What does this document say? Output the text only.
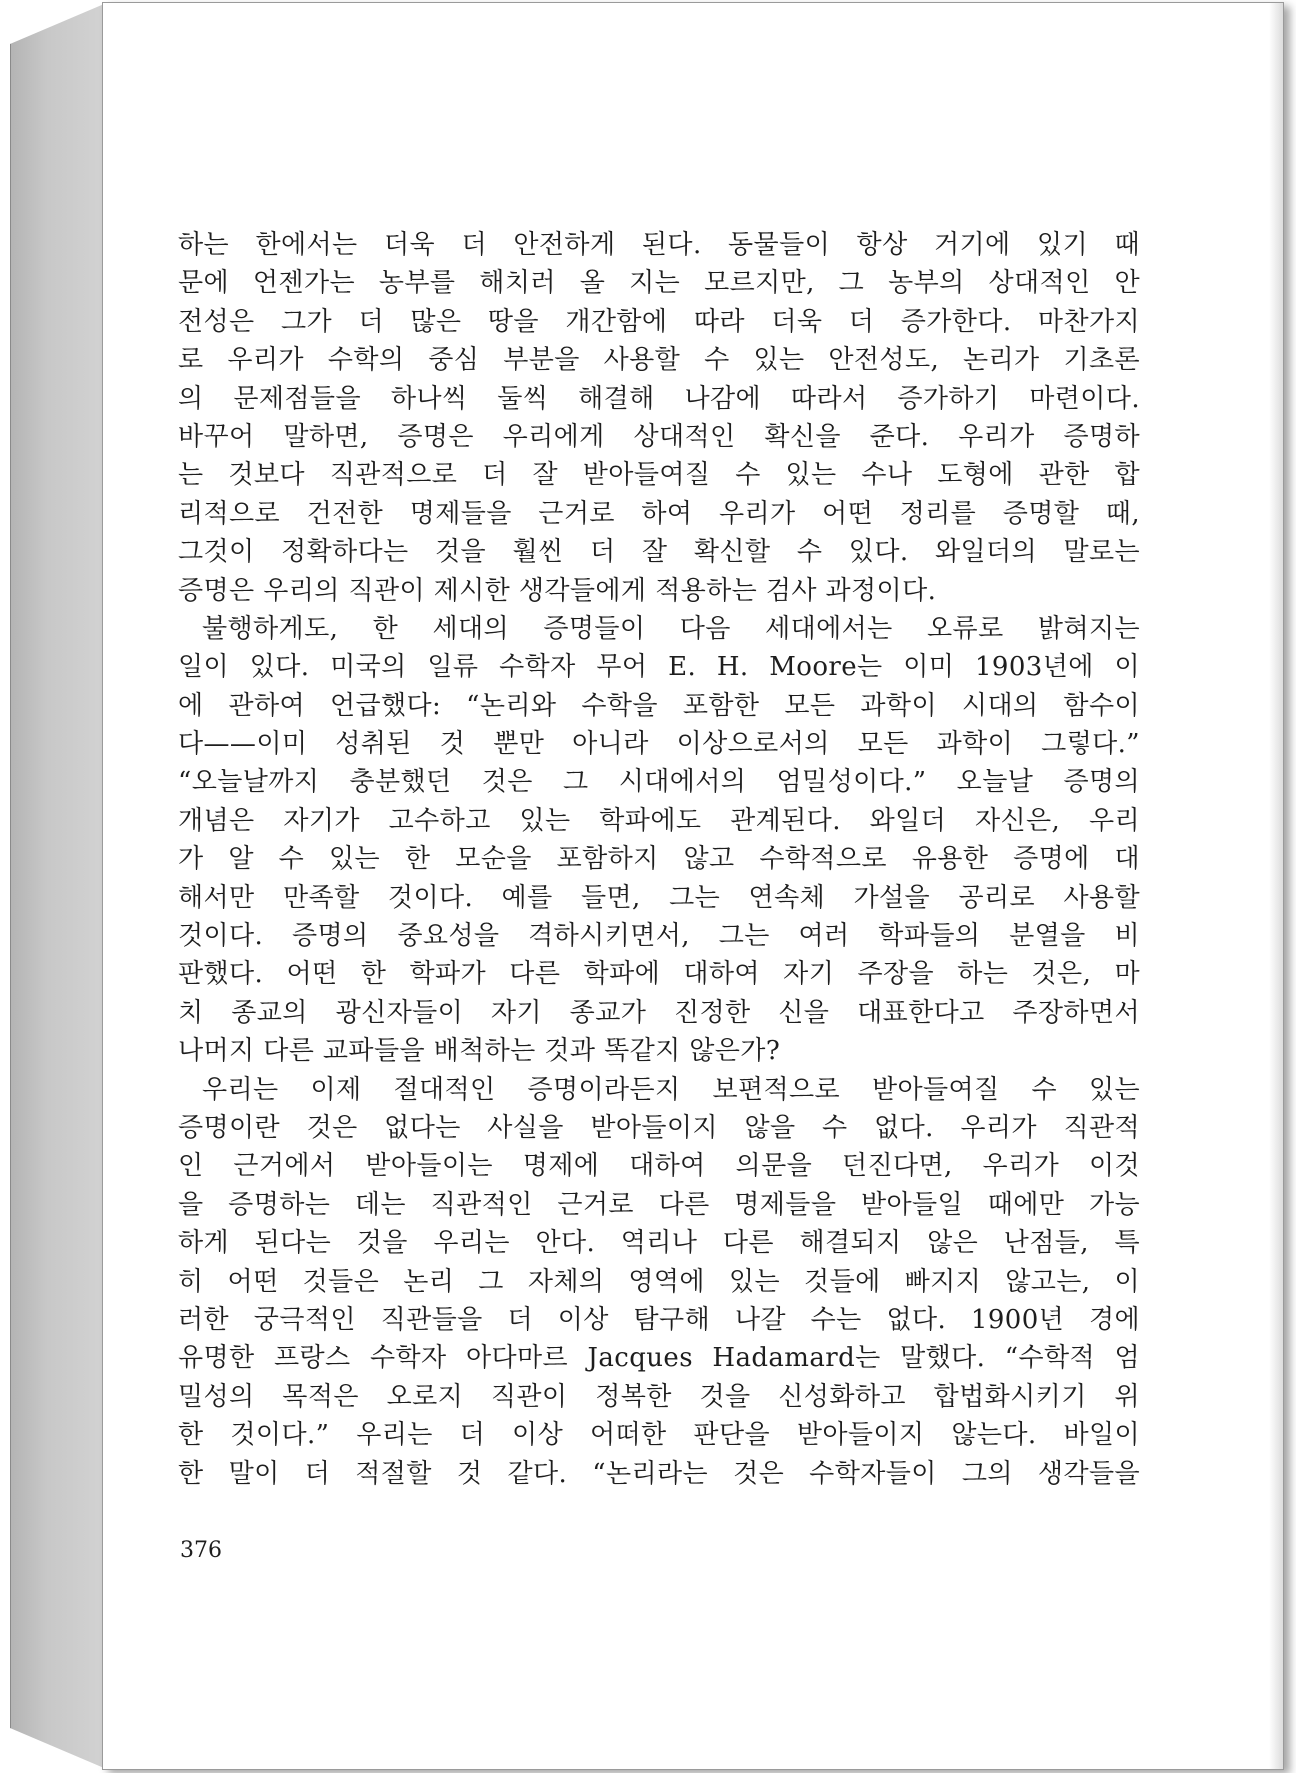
하는 한에서는 더욱 더 안전하게 된다. 동물들이 항상 거기에 있기 때
문에 언젠가는 농부를 해치러 올 지는 모르지만, 그 농부의 상대적인 안
전성은 그가 더 많은 땅을 개간함에 따라 더욱 더 증가한다. 마찬가지
로 우리가 수학의 중심 부분을 사용할 수 있는 안전성도, 논리가 기초론
의 문제점들을 하나씩 둘씩 해결해 나감에 따라서 증가하기 마련이다.
바꾸어 말하면, 증명은 우리에게 상대적인 확신을 준다. 우리가 증명하
는 것보다 직관적으로 더 잘 받아들여질 수 있는 수나 도형에 관한 합
리적으로 건전한 명제들을 근거로 하여 우리가 어떤 정리를 증명할 때,
그것이 정확하다는 것을 훨씬 더 잘 확신할 수 있다. 와일더의 말로는
증명은 우리의 직관이 제시한 생각들에게 적용하는 검사 과정이다.
불행하게도, 한 세대의 증명들이 다음 세대에서는 오류로 밝혀지는
일이 있다. 미국의 일류 수학자 무어 E. H. Moore는 이미 1903년에 이
에 관하여 언급했다: “논리와 수학을 포함한 모든 과학이 시대의 함수이
다——이미 성취된 것 뿐만 아니라 이상으로서의 모든 과학이 그렇다.”
“오늘날까지 충분했던 것은 그 시대에서의 엄밀성이다.” 오늘날 증명의
개념은 자기가 고수하고 있는 학파에도 관계된다. 와일더 자신은, 우리
가 알 수 있는 한 모순을 포함하지 않고 수학적으로 유용한 증명에 대
해서만 만족할 것이다. 예를 들면, 그는 연속체 가설을 공리로 사용할
것이다. 증명의 중요성을 격하시키면서, 그는 여러 학파들의 분열을 비
판했다. 어떤 한 학파가 다른 학파에 대하여 자기 주장을 하는 것은, 마
치 종교의 광신자들이 자기 종교가 진정한 신을 대표한다고 주장하면서
나머지 다른 교파들을 배척하는 것과 똑같지 않은가?
우리는 이제 절대적인 증명이라든지 보편적으로 받아들여질 수 있는
증명이란 것은 없다는 사실을 받아들이지 않을 수 없다. 우리가 직관적
인 근거에서 받아들이는 명제에 대하여 의문을 던진다면, 우리가 이것
을 증명하는 데는 직관적인 근거로 다른 명제들을 받아들일 때에만 가능
하게 된다는 것을 우리는 안다. 역리나 다른 해결되지 않은 난점들, 특
히 어떤 것들은 논리 그 자체의 영역에 있는 것들에 빠지지 않고는, 이
러한 궁극적인 직관들을 더 이상 탐구해 나갈 수는 없다. 1900년 경에
유명한 프랑스 수학자 아다마르 Jacques Hadamard는 말했다. “수학적 엄
밀성의 목적은 오로지 직관이 정복한 것을 신성화하고 합법화시키기 위
한 것이다.” 우리는 더 이상 어떠한 판단을 받아들이지 않는다. 바일이
한 말이 더 적절할 것 같다. “논리라는 것은 수학자들이 그의 생각들을
376
